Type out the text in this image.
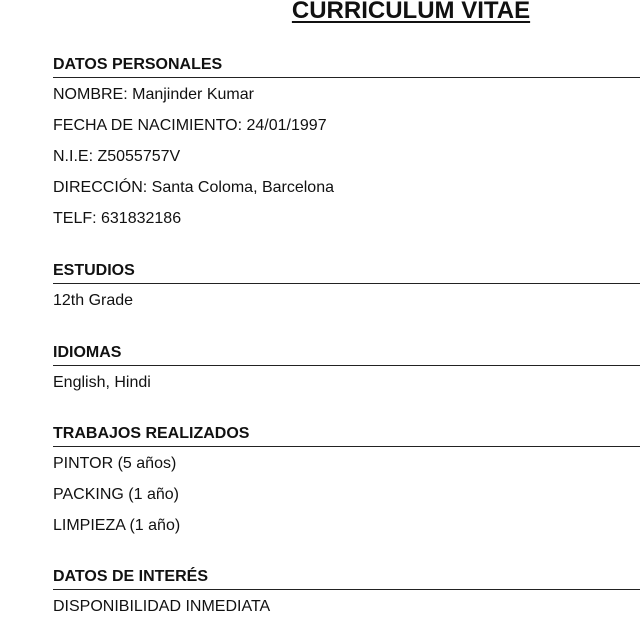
CURRICULUM VITAE
DATOS PERSONALES
NOMBRE: Manjinder Kumar
FECHA DE NACIMIENTO: 24/01/1997
N.I.E: Z5055757V
DIRECCIÓN: Santa Coloma, Barcelona
TELF: 631832186
ESTUDIOS
12th Grade
IDIOMAS
English, Hindi
TRABAJOS REALIZADOS
PINTOR (5 años)
PACKING (1 año)
LIMPIEZA (1 año)
DATOS DE INTERÉS
DISPONIBILIDAD INMEDIATA
